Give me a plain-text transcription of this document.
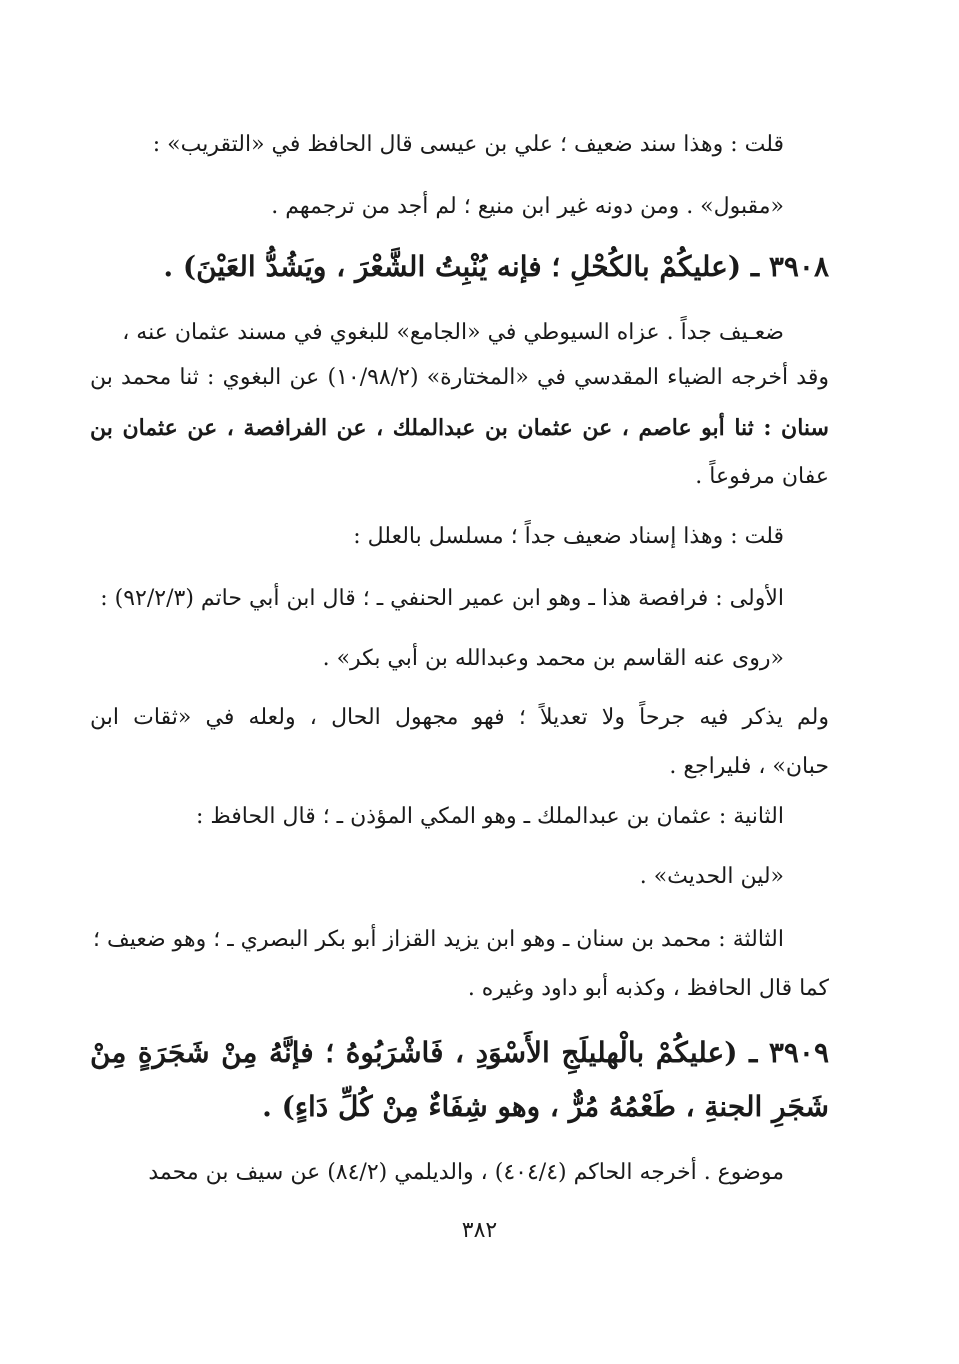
قلت : وهذا سند ضعيف ؛ علي بن عيسى قال الحافظ في «التقريب» :

«مقبول» . ومن دونه غير ابن منيع ؛ لم أجد من ترجمهم .

٣٩٠٨ ـ (عليكُمْ بالكُحْلِ ؛ فإنه يُنْبِتُ الشَّعْرَ ، ويَشُدُّ العَيْنَ) .

ضعـيف جداً . عزاه السيوطي في «الجامع» للبغوي في مسند عثمان عنه ،

وقد أخرجه الضياء المقدسي في «المختارة» (١٠/٩٨/٢) عن البغوي : ثنا محمد بن

سنان : ثنا أبو عاصم ، عن عثمان بن عبدالملك ، عن الفرافصة ، عن عثمان بن

عفان مرفوعاً .

قلت : وهذا إسناد ضعيف جداً ؛ مسلسل بالعلل :

الأولى : فرافصة هذا ـ وهو ابن عمير الحنفي ـ ؛ قال ابن أبي حاتم (٩٢/٢/٣) :

«روى عنه القاسم بن محمد وعبدالله بن أبي بكر» .

ولم يذكر فيه جرحاً ولا تعديلاً ؛ فهو مجهول الحال ، ولعله في «ثقات ابن

حبان» ، فليراجع .

الثانية : عثمان بن عبدالملك ـ وهو المكي المؤذن ـ ؛ قال الحافظ :

«لين الحديث» .

الثالثة : محمد بن سنان ـ وهو ابن يزيد القزاز أبو بكر البصري ـ ؛ وهو ضعيف ؛

كما قال الحافظ ، وكذبه أبو داود وغيره .

٣٩٠٩ ـ (عليكُمْ بالْهليلَجِ الأَسْوَدِ ، فَاشْرَبُوهُ ؛ فإنَّهُ مِنْ شَجَرَةٍ مِنْ

شَجَرِ الجنةِ ، طَعْمُهُ مُرٌّ ، وهو شِفَاءٌ مِنْ كُلِّ دَاءٍ) .

موضوع . أخرجه الحاكم (٤٠٤/٤) ، والديلمي (٨٤/٢) عن سيف بن محمد

٣٨٢
